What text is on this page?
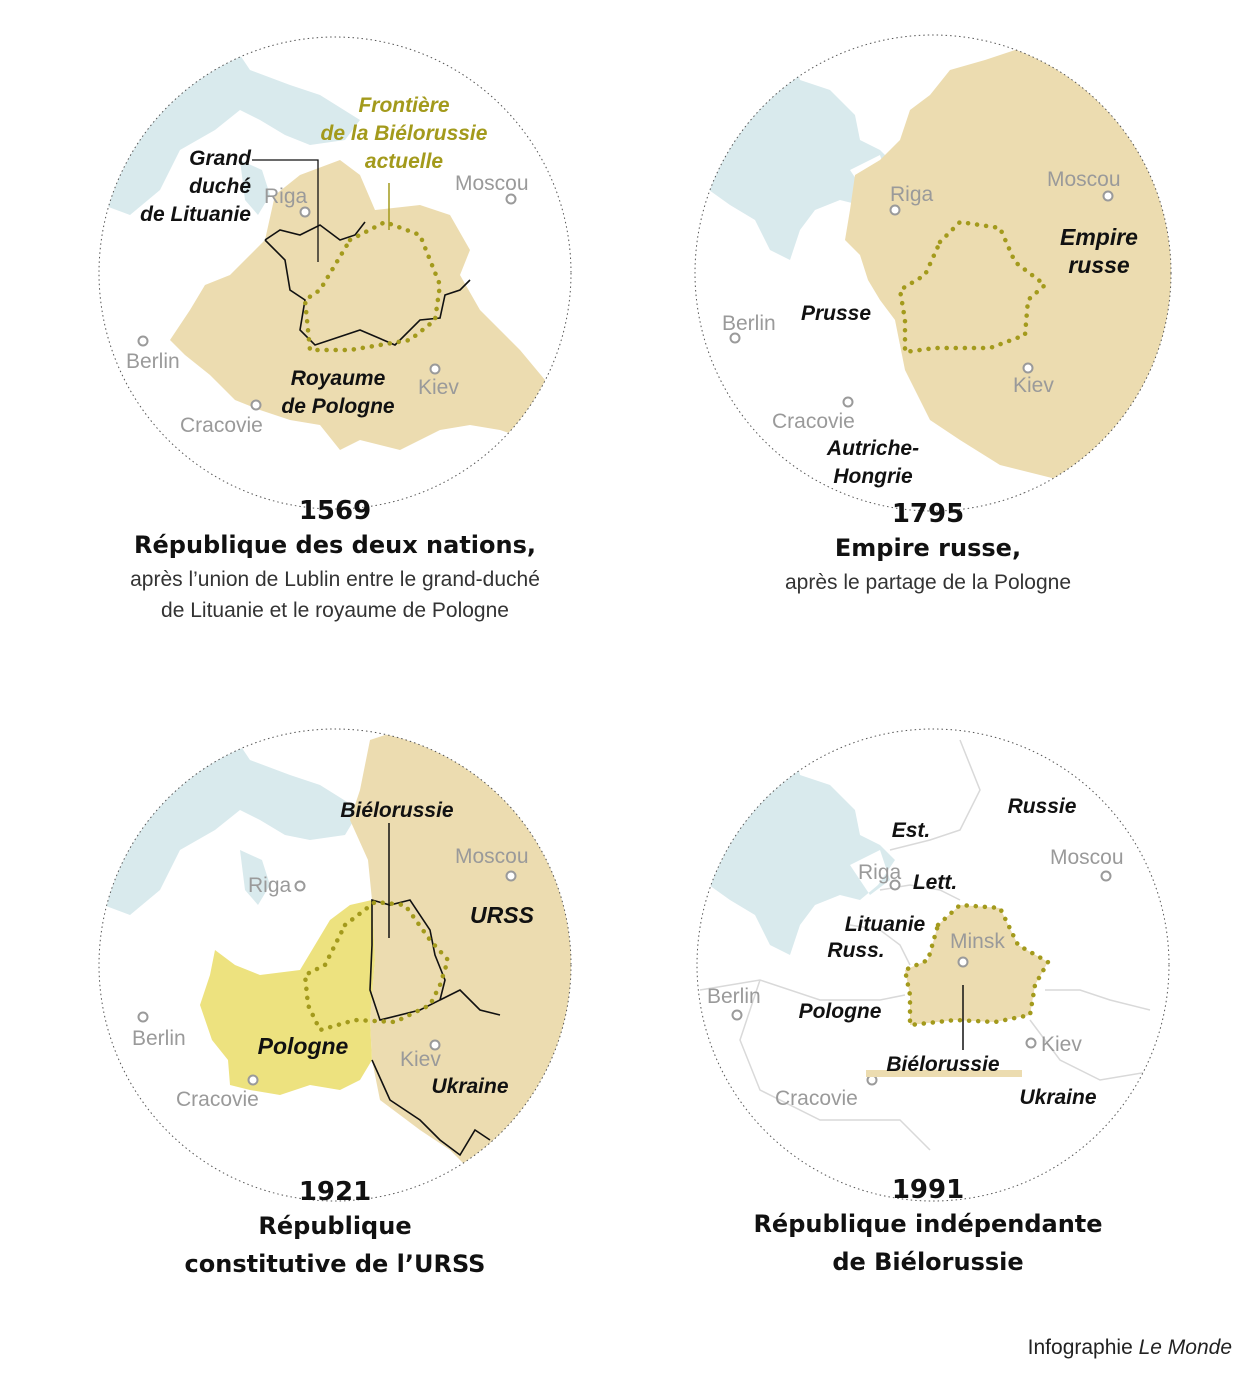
Riga
Moscou
Berlin
Cracovie
Kiev
Grand
duché
de Lituanie
Frontière
de la Biélorussie
actuelle
Royaume
de Pologne
Riga
Moscou
Berlin
Cracovie
Kiev
Empire
russe
Prusse
Autriche-
Hongrie
Riga
Moscou
Berlin
Cracovie
Kiev
Biélorussie
URSS
Pologne
Ukraine
Riga
Moscou
Berlin
Cracovie
Kiev
Minsk
Russie
Est.
Lett.
Lituanie
Russ.
Pologne
Biélorussie
Ukraine
1569
République des deux nations,
après l’union de Lublin entre le grand-duché
de Lituanie et le royaume de Pologne
1795
Empire russe,
après le partage de la Pologne
1921
République
constitutive de l’URSS
1991
République indépendante
de Biélorussie
Infographie Le Monde
